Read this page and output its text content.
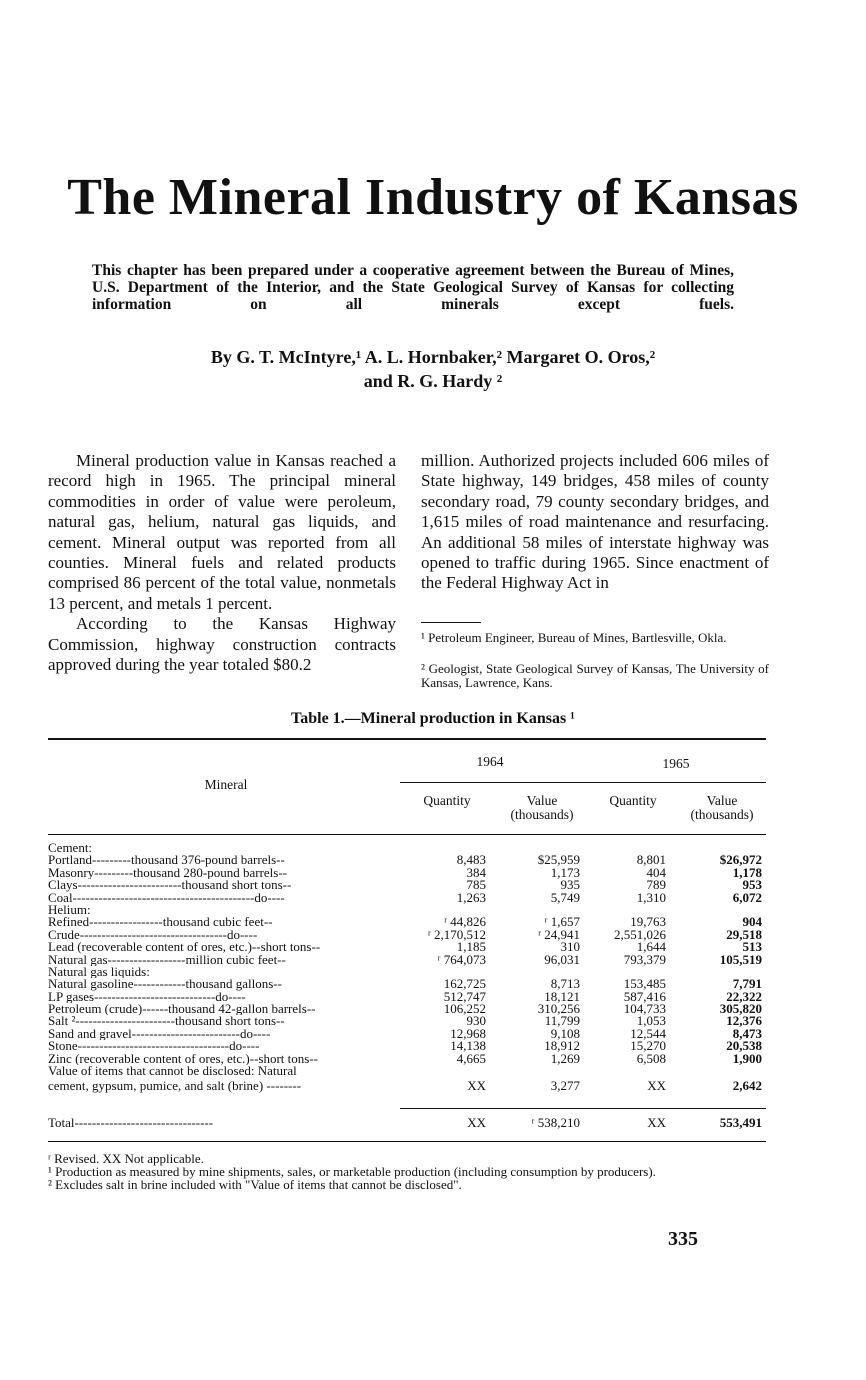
The Mineral Industry of Kansas
This chapter has been prepared under a cooperative agreement between the Bureau of Mines, U.S. Department of the Interior, and the State Geological Survey of Kansas for collecting information on all minerals except fuels.
By G. T. McIntyre,¹ A. L. Hornbaker,² Margaret O. Oros,²
and R. G. Hardy ²

Mineral production value in Kansas reached a record high in 1965. The principal mineral commodities in order of value were peroleum, natural gas, helium, natural gas liquids, and cement. Mineral output was reported from all counties. Mineral fuels and related products comprised 86 percent of the total value, nonmetals 13 percent, and metals 1 percent.

According to the Kansas Highway Commission, highway construction contracts approved during the year totaled $80.2

million. Authorized projects included 606 miles of State highway, 149 bridges, 458 miles of county secondary road, 79 county secondary bridges, and 1,615 miles of road maintenance and resurfacing. An additional 58 miles of interstate highway was opened to traffic during 1965. Since enactment of the Federal Highway Act in

¹ Petroleum Engineer, Bureau of Mines, Bartlesville, Okla.
² Geologist, State Geological Survey of Kansas, The University of Kansas, Lawrence, Kans.
Table 1.—Mineral production in Kansas ¹
Mineral
1964	1965
Quantity	Value
(thousands)
Quantity	Value
(thousands)
Cement:
Portland---------thousand 376-pound barrels--	8,483	$25,959	8,801	$26,972
Masonry---------thousand 280-pound barrels--	384	1,173	404	1,178
Clays------------------------thousand short tons--	785	935	789	953
Coal------------------------------------------do----	1,263	5,749	1,310	6,072
Helium:
Refined-----------------thousand cubic feet--	ʳ 44,826	ʳ 1,657	19,763	904
Crude----------------------------------do----	ʳ 2,170,512	ʳ 24,941	2,551,026	29,518
Lead (recoverable content of ores, etc.)--short tons--	1,185	310	1,644	513
Natural gas------------------million cubic feet--	ʳ 764,073	96,031	793,379	105,519
Natural gas liquids:
Natural gasoline------------thousand gallons--	162,725	8,713	153,485	7,791
LP gases----------------------------do----	512,747	18,121	587,416	22,322
Petroleum (crude)------thousand 42-gallon barrels--	106,252	310,256	104,733	305,820
Salt ²-----------------------thousand short tons--	930	11,799	1,053	12,376
Sand and gravel-------------------------do----	12,968	9,108	12,544	8,473
Stone-----------------------------------do----	14,138	18,912	15,270	20,538
Zinc (recoverable content of ores, etc.)--short tons--	4,665	1,269	6,508	1,900
Value of items that cannot be disclosed: Natural
cement, gypsum, pumice, and salt (brine) --------	XX	3,277	XX	2,642
Total--------------------------------	XX	ʳ 538,210	XX	553,491
ʳ Revised. XX Not applicable.
¹ Production as measured by mine shipments, sales, or marketable production (including consumption by producers).
² Excludes salt in brine included with "Value of items that cannot be disclosed".
335
